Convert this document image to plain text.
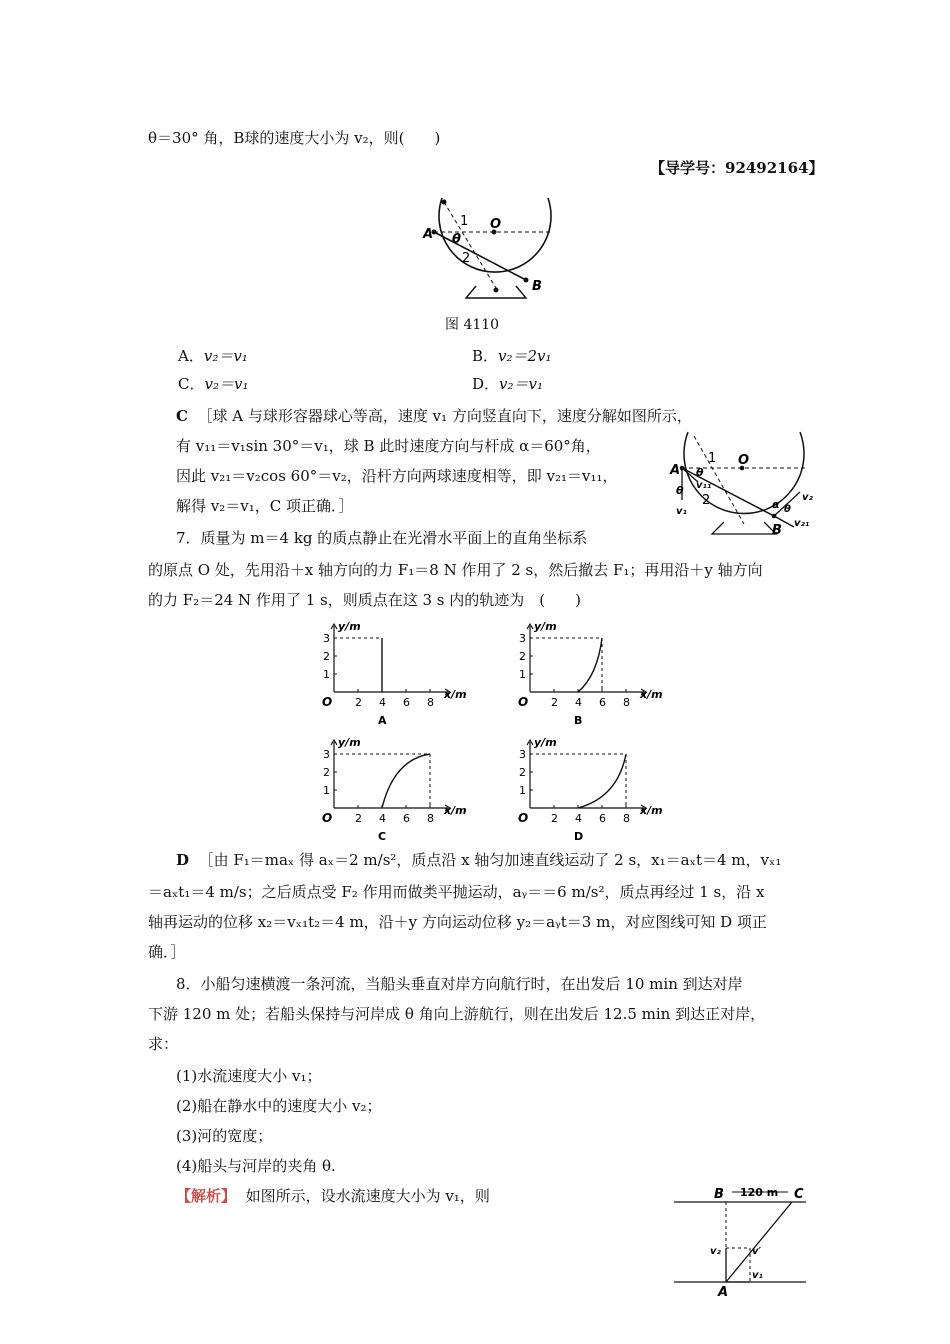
θ＝30° 角，B球的速度大小为 v₂，则(　　)
【导学号：92492164】
1 O
A θ
2
B
图 4110
A．v₂＝v₁	B．v₂＝2v₁
C．v₂＝v₁	D．v₂＝v₁
C ［球 A 与球形容器球心等高，速度 v₁ 方向竖直向下，速度分解如图所示，
有 v₁₁＝v₁sin 30°＝v₁，球 B 此时速度方向与杆成 α＝60°角，
因此 v₂₁＝v₂cos 60°＝v₂，沿杆方向两球速度相等，即 v₂₁＝v₁₁，
解得 v₂＝v₁，C 项正确．］
A
1 O
θ
v₁₁
θ
2
v₁
α θ
v₂
B v₂₁
7．质量为 m＝4 kg 的质点静止在光滑水平面上的直角坐标系
的原点 O 处，先用沿＋x 轴方向的力 F₁＝8 N 作用了 2 s，然后撤去 F₁；再用沿＋y 轴方向
的力 F₂＝24 N 作用了 1 s，则质点在这 3 s 内的轨迹为　(　　)
y/m
x/m
O 2 4 6 8
1
2
3
A
y/m
x/m
O 2 4 6 8
1
2
3
B
y/m
x/m
O 2 4 6 8
1
2
3
C
y/m
x/m
O 2 4 6 8
1
2
3
D
D ［由 F₁＝maₓ 得 aₓ＝2 m/s²，质点沿 x 轴匀加速直线运动了 2 s，x₁＝aₓt＝4 m，vₓ₁
＝aₓt₁＝4 m/s；之后质点受 F₂ 作用而做类平抛运动，aᵧ＝＝6 m/s²，质点再经过 1 s，沿 x
轴再运动的位移 x₂＝vₓ₁t₂＝4 m，沿＋y 方向运动位移 y₂＝aᵧt＝3 m，对应图线可知 D 项正
确．］
8．小船匀速横渡一条河流，当船头垂直对岸方向航行时，在出发后 10 min 到达对岸
下游 120 m 处；若船头保持与河岸成 θ 角向上游航行，则在出发后 12.5 min 到达正对岸，
求：
(1)水流速度大小 v₁；
(2)船在静水中的速度大小 v₂；
(3)河的宽度；
(4)船头与河岸的夹角 θ.
【解析】 如图所示，设水流速度大小为 v₁，则	B 120 m C
v₂	v′
v₁
A
